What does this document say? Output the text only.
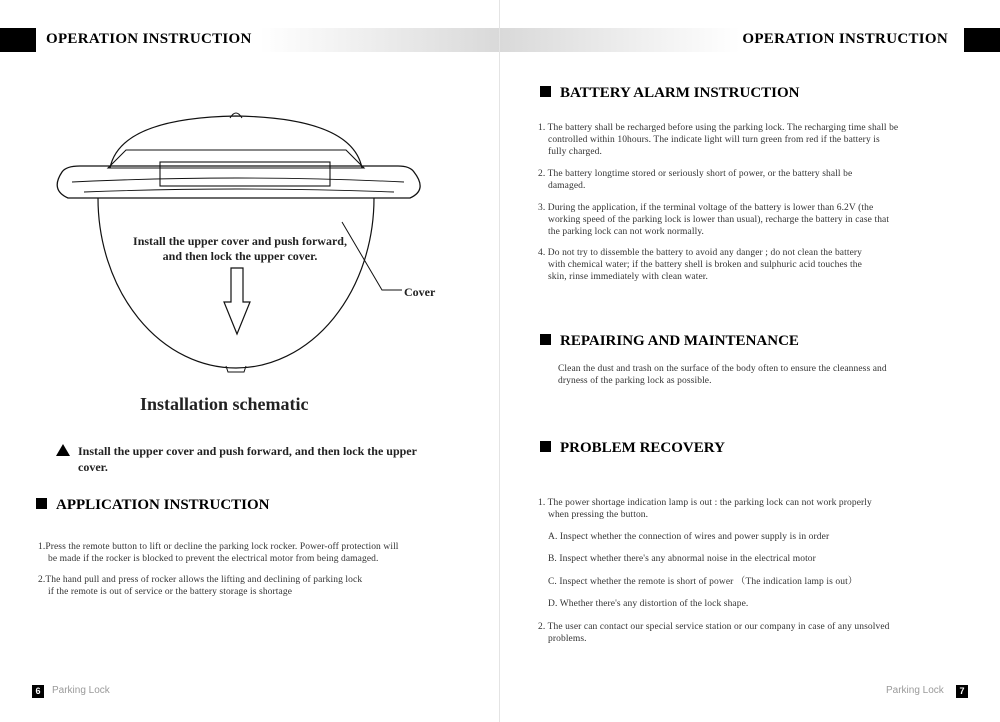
OPERATION INSTRUCTION
Install the upper cover and push forward,
and then lock the upper cover.
Cover
Installation schematic
Install the upper cover and push forward, and then lock the upper
cover.
APPLICATION INSTRUCTION
1.Press the remote button to lift or decline the parking lock rocker. Power-off protection will
be made if the rocker is blocked to prevent the electrical motor from being damaged.
2.The hand pull and press of rocker allows the lifting and declining of parking lock
if the remote is out of service or the battery storage is shortage
6	Parking Lock
OPERATION INSTRUCTION
BATTERY ALARM INSTRUCTION
1. The battery shall be recharged before using the parking lock. The recharging time shall be
controlled within 10hours. The indicate light will turn green from red if the battery is
fully charged.
2. The battery longtime stored or seriously short of power, or the battery shall be
damaged.
3. During the application, if the terminal voltage of the battery is lower than 6.2V (the
working speed of the parking lock is lower than usual), recharge the battery in case that
the parking lock can not work normally.
4. Do not try to dissemble the battery to avoid any danger ; do not clean the battery
with chemical water; if the battery shell is broken and sulphuric acid touches the
skin, rinse immediately with clean water.
REPAIRING AND MAINTENANCE
Clean the dust and trash on the surface of the body often to ensure the cleanness and
dryness of the parking lock as possible.
PROBLEM RECOVERY
1. The power shortage indication lamp is out : the parking lock can not work properly
when pressing the button.
A. Inspect whether the connection of wires and power supply is in order
B. Inspect whether there's any abnormal noise in the electrical motor
C. Inspect whether the remote is short of power （The indication lamp is out）
D. Whether there's any distortion of the lock shape.
2. The user can contact our special service station or our company in case of any unsolved
problems.
Parking Lock	7
